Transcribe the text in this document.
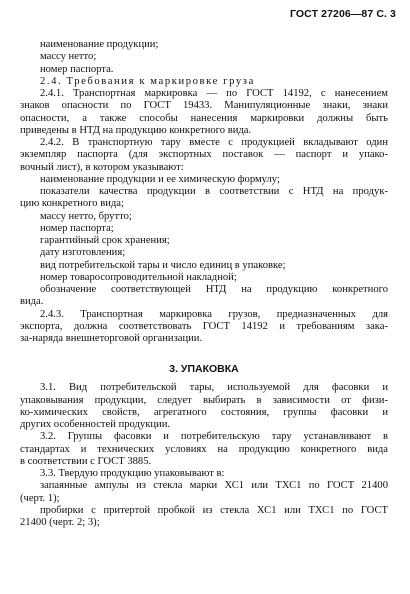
ГОСТ 27206—87 С. 3
наименование продукции;
массу нетто;
номер паспорта.
2.4. Требования к маркировке груза
2.4.1. Транспортная маркировка — по ГОСТ 14192, с нанесением
знаков опасности по ГОСТ 19433. Манипуляционные знаки, знаки
опасности, а также способы нанесения маркировки должны быть
приведены в НТД на продукцию конкретного вида.
2.4.2. В транспортную тару вместе с продукцией вкладывают один
экземпляр паспорта (для экспортных поставок — паспорт и упако-
вочный лист), в котором указывают:
наименование продукции и ее химическую формулу;
показатели качества продукции в соответствии с НТД на продук-
цию конкретного вида;
массу нетто, брутто;
номер паспорта;
гарантийный срок хранения;
дату изготовления;
вид потребительской тары и число единиц в упаковке;
номер товаросопроводительной накладной;
обозначение соответствующей НТД на продукцию конкретного
вида.
2.4.3. Транспортная маркировка грузов, предназначенных для
экспорта, должна соответствовать ГОСТ 14192 и требованиям зака-
за-наряда внешнеторговой организации.
3. УПАКОВКА
3.1. Вид потребительской тары, используемой для фасовки и
упаковывания продукции, следует выбирать в зависимости от физи-
ко-химических свойств, агрегатного состояния, группы фасовки и
других особенностей продукции.
3.2. Группы фасовки и потребительскую тару устанавливают в
стандартах и технических условиях на продукцию конкретного вида
в соответствии с ГОСТ 3885.
3.3. Твердую продукцию упаковывают в:
запаянные ампулы из стекла марки ХС1 или ТХС1 по ГОСТ 21400
(черт. 1);
пробирки с притертой пробкой из стекла ХС1 или ТХС1 по ГОСТ
21400 (черт. 2; 3);
